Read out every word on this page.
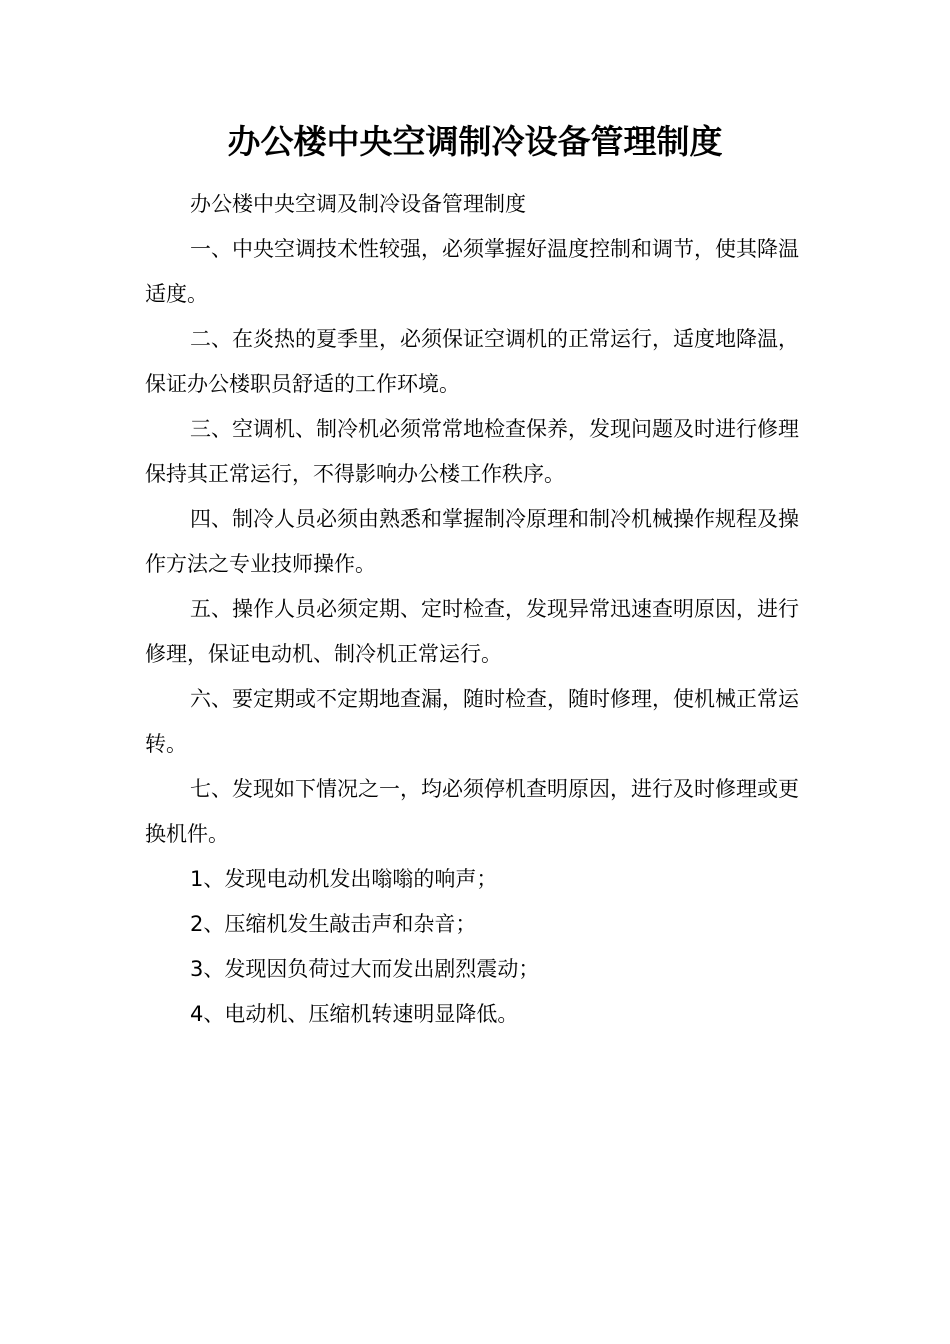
办公楼中央空调制冷设备管理制度

办公楼中央空调及制冷设备管理制度

一、中央空调技术性较强，必须掌握好温度控制和调节，使其降温适度。

二、在炎热的夏季里，必须保证空调机的正常运行，适度地降温，保证办公楼职员舒适的工作环境。

三、空调机、制冷机必须常常地检查保养，发现问题及时进行修理保持其正常运行，不得影响办公楼工作秩序。

四、制冷人员必须由熟悉和掌握制冷原理和制冷机械操作规程及操作方法之专业技师操作。

五、操作人员必须定期、定时检查，发现异常迅速查明原因，进行修理，保证电动机、制冷机正常运行。

六、要定期或不定期地查漏，随时检查，随时修理，使机械正常运转。

七、发现如下情况之一，均必须停机查明原因，进行及时修理或更换机件。

1、发现电动机发出嗡嗡的响声；

2、压缩机发生敲击声和杂音；

3、发现因负荷过大而发出剧烈震动；

4、电动机、压缩机转速明显降低。
